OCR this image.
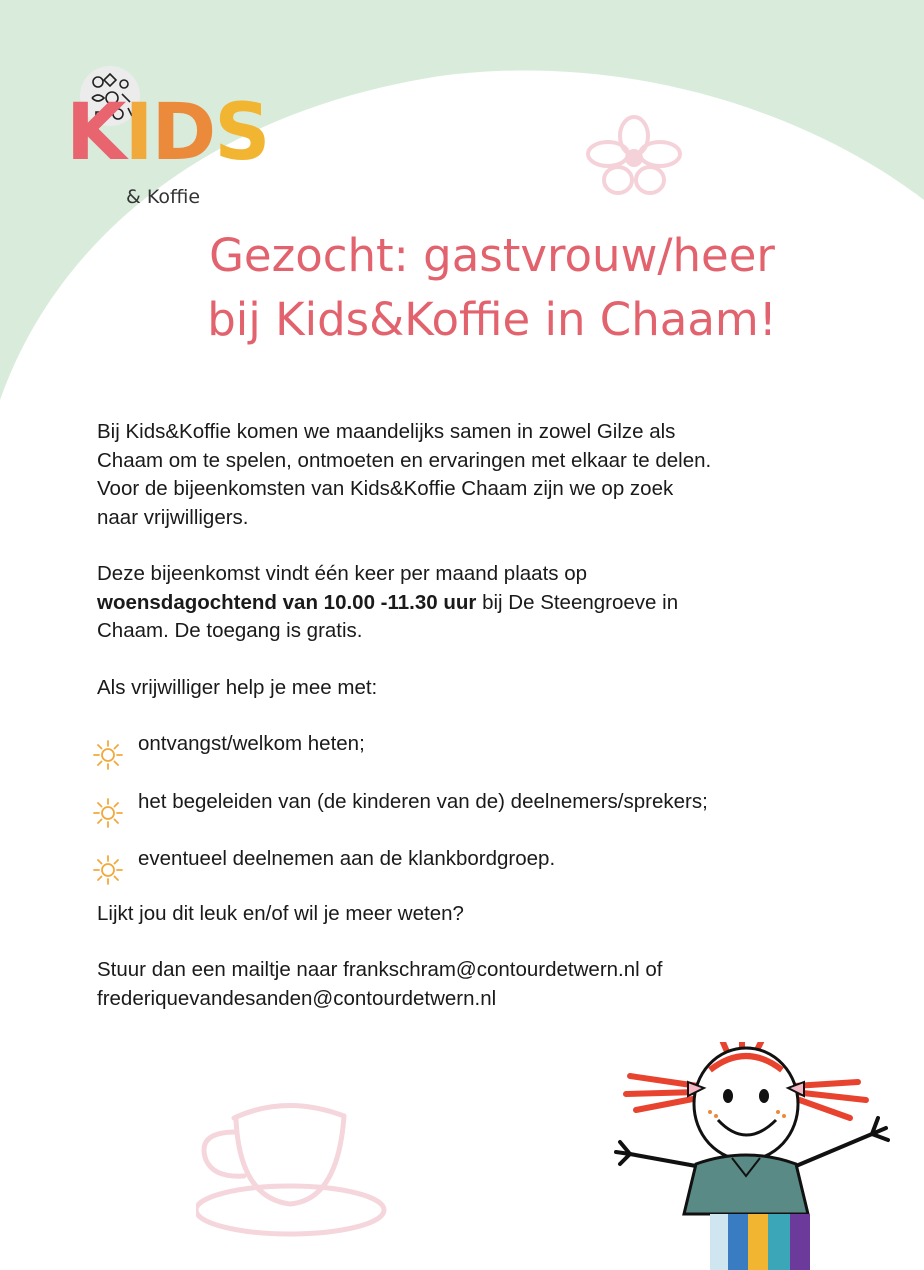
KIDS
& Koffie
Gezocht: gastvrouw/heer
bij Kids&Koffie in Chaam!

Bij Kids&Koffie komen we maandelijks samen in zowel Gilze als
Chaam om te spelen, ontmoeten en ervaringen met elkaar te delen.
Voor de bijeenkomsten van Kids&Koffie Chaam zijn we op zoek
naar vrijwilligers.

Deze bijeenkomst vindt één keer per maand plaats op
woensdagochtend van 10.00 -11.30 uur bij De Steengroeve in
Chaam. De toegang is gratis.

Als vrijwilliger help je mee met:

ontvangst/welkom heten;
het begeleiden van (de kinderen van de) deelnemers/sprekers;
eventueel deelnemen aan de klankbordgroep.

Lijkt jou dit leuk en/of wil je meer weten?

Stuur dan een mailtje naar frankschram@contourdetwern.nl of
frederiquevandesanden@contourdetwern.nl
